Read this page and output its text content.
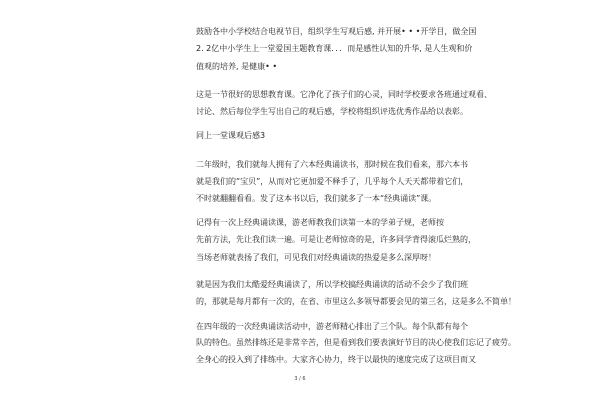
鼓励各中小学校结合电视节目，组织学生写观后感, 并开展• • •开学目，做全国
2. 2亿中小学生上一堂爱国主题教育课．．．而是感性认知的升华, 是人生观和价
值观的培养, 是健康• •
这是一节很好的思想教育课。它净化了孩子们的心灵，同时学校要求各班通过观看、
讨论、然后每位学生写出自己的观后感，学校将组织评选优秀作品给以表彰。
同上一堂课观后感3
二年级时，我们就每人拥有了六本经典诵读书，那时候在我们看来，那六本书
就是我们的“宝贝”，从而对它更加爱不释手了，几乎每个人天天都带着它们，
不时就翻翻看看。发了这本书以后，我们就多了一本“经典诵读”课。
记得有一次上经典诵读课，游老师教我们读第一本的学弟子规，老师按
先前方法，先让我们读一遍。可是让老师惊奇的是，许多同学背得滚瓜烂熟的，
当场老师就表扬了我们，可见我们对经典诵读的热爱是多么深厚呀！
就是因为我们太酷爱经典诵读了，所以学校搞经典诵读的活动不会少了我们班
的，那就是每月都有一次的，在省、市里这么多领导都要会见的第三名，这是多么不简单！
在四年级的一次经典诵读活动中，游老师精心排出了三个队。每个队都有每个
队的特色。虽然排练还是非常辛苦，但是看到我们要表演好节目的决心使我们忘记了疲劳。
全身心的投入到了排练中。大家齐心协力，终于以最快的速度完成了这项目而又
3 / 6
